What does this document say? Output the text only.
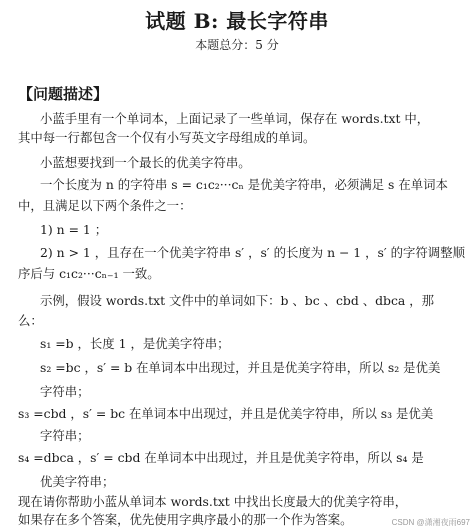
试题 B: 最长字符串
本题总分：5 分
【问题描述】
小蓝手里有一个单词本，上面记录了一些单词，保存在 words.txt 中，
其中每一行都包含一个仅有小写英文字母组成的单词。
小蓝想要找到一个最长的优美字符串。
一个长度为 n 的字符串 s = c₁c₂···cₙ 是优美字符串，必须满足 s 在单词本
中，且满足以下两个条件之一：
1) n = 1 ；
2) n > 1 ，且存在一个优美字符串 s′ ，s′ 的长度为 n − 1 ，s′ 的字符调整顺
序后与 c₁c₂···cₙ₋₁ 一致。
示例，假设 words.txt 文件中的单词如下：b 、bc 、cbd 、dbca ，那
么：
s₁ =b ，长度 1 ，是优美字符串；
s₂ =bc ，s′ = b 在单词本中出现过，并且是优美字符串，所以 s₂ 是优美
字符串；
s₃ =cbd ，s′ = bc 在单词本中出现过，并且是优美字符串，所以 s₃ 是优美
字符串；
s₄ =dbca ，s′ = cbd 在单词本中出现过，并且是优美字符串，所以 s₄ 是
优美字符串；
现在请你帮助小蓝从单词本 words.txt 中找出长度最大的优美字符串，
如果存在多个答案，优先使用字典序最小的那一个作为答案。	CSDN @潇湘夜雨697
